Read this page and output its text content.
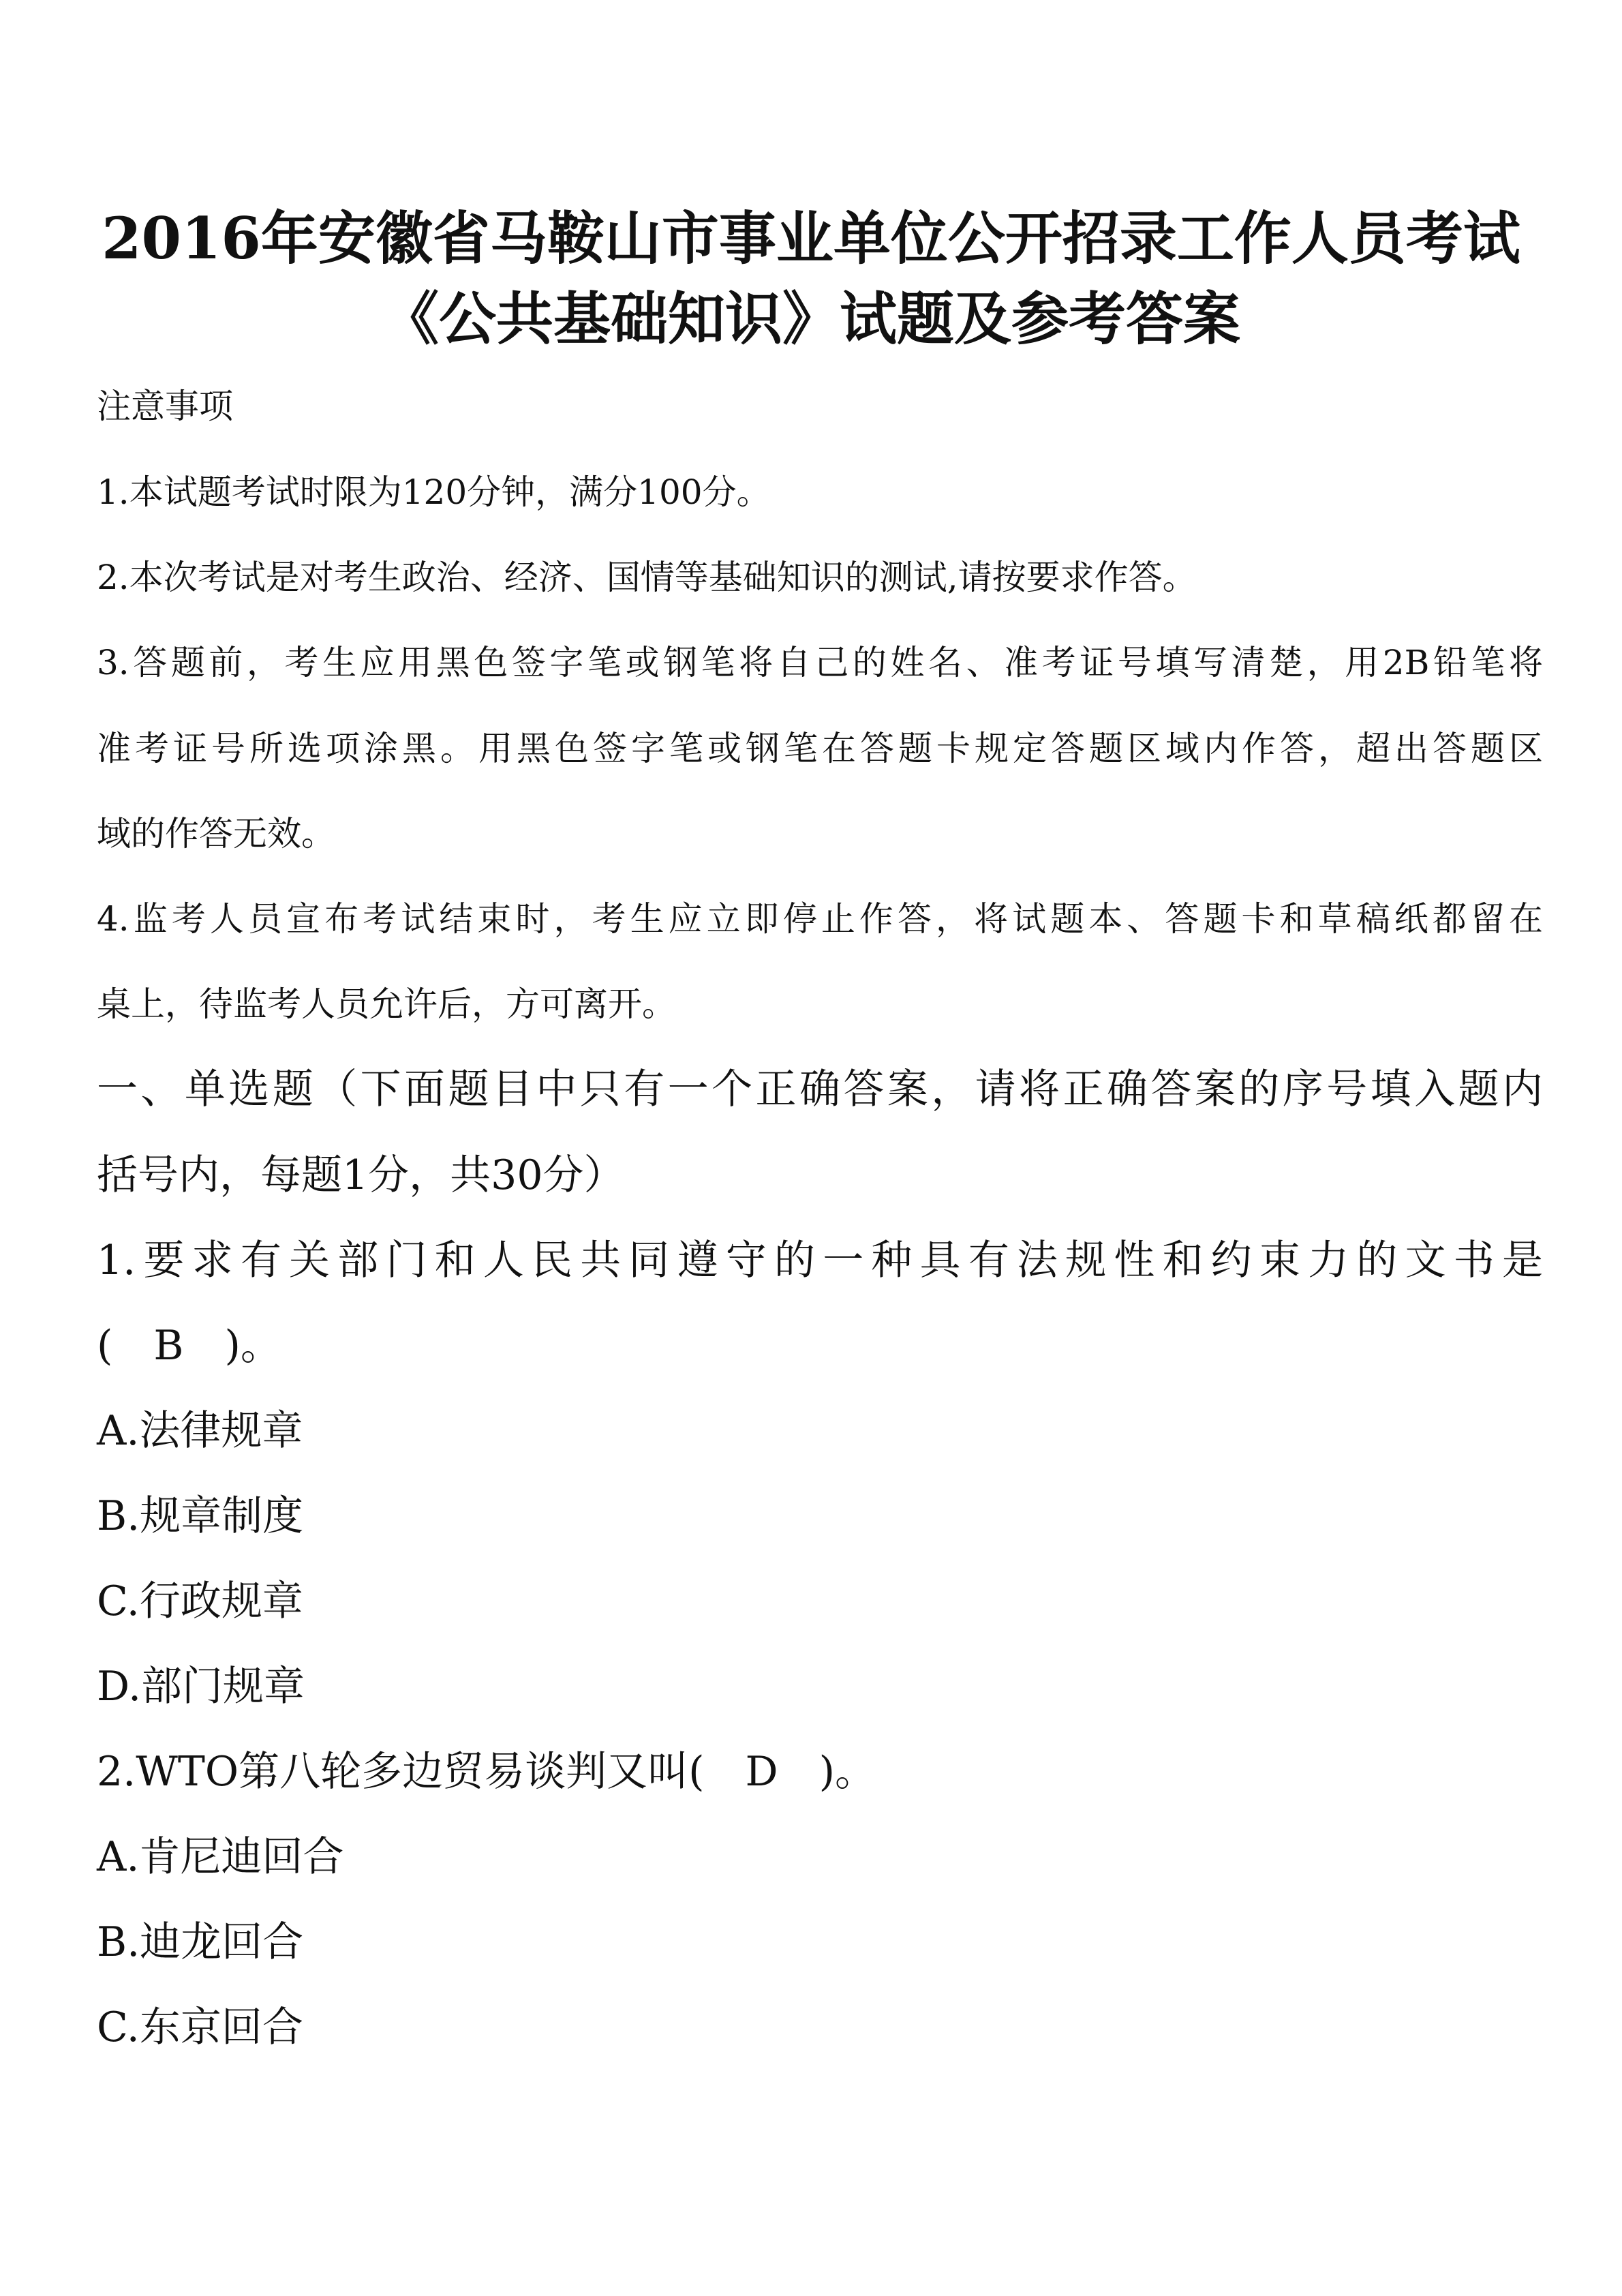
2016年安徽省马鞍山市事业单位公开招录工作人员考试
《公共基础知识》试题及参考答案

注意事项

1.本试题考试时限为120分钟，满分100分。

2.本次考试是对考生政治、经济、国情等基础知识的测试,请按要求作答。

3.答题前，考生应用黑色签字笔或钢笔将自己的姓名、准考证号填写清楚，用2B铅笔将

准考证号所选项涂黑。用黑色签字笔或钢笔在答题卡规定答题区域内作答，超出答题区

域的作答无效。

4.监考人员宣布考试结束时，考生应立即停止作答，将试题本、答题卡和草稿纸都留在

桌上，待监考人员允许后，方可离开。

一、单选题（下面题目中只有一个正确答案，请将正确答案的序号填入题内

括号内，每题1分，共30分）

1.要求有关部门和人民共同遵守的一种具有法规性和约束力的文书是

(　B　)。

A.法律规章

B.规章制度

C.行政规章

D.部门规章

2.WTO第八轮多边贸易谈判又叫(　D　)。

A.肯尼迪回合

B.迪龙回合

C.东京回合
